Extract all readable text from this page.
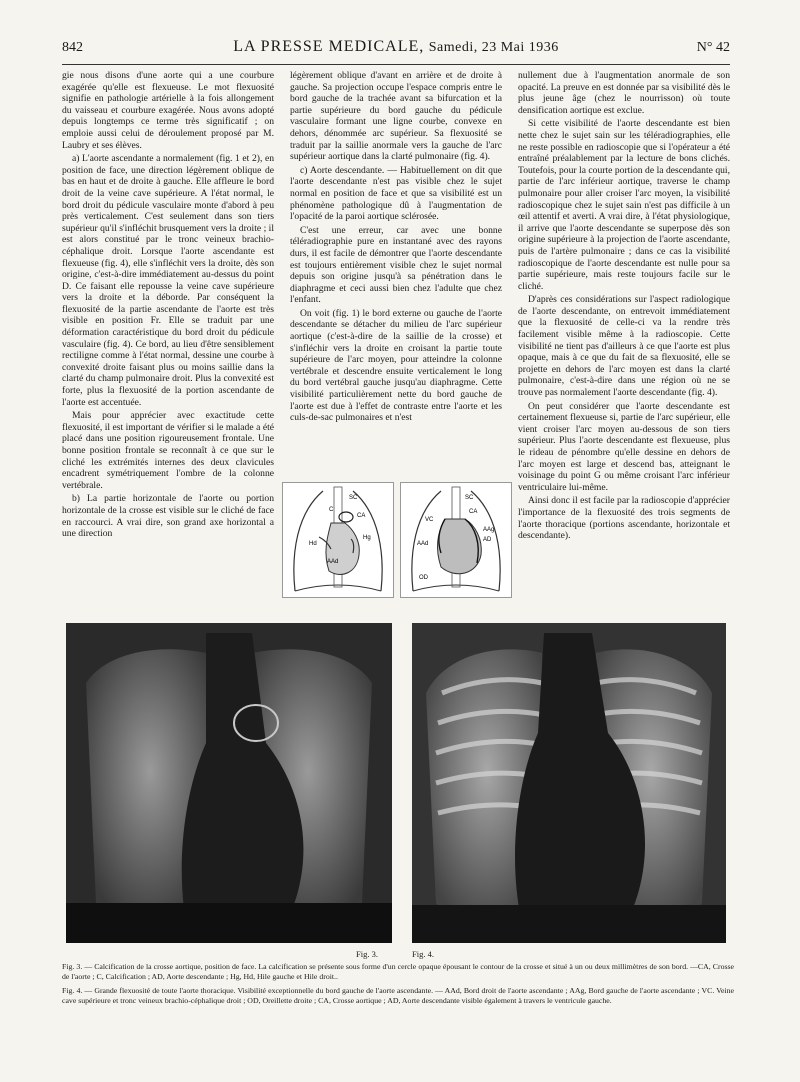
842	LA PRESSE MEDICALE, Samedi, 23 Mai 1936	N° 42

gie nous disons d'une aorte qui a une courbure exagérée qu'elle est flexueuse. Le mot flexuosité signifie en pathologie artérielle à la fois allongement du vaisseau et courbure exagérée. Nous avons adopté depuis longtemps ce terme très significatif ; on emploie aussi celui de déroulement proposé par M. Laubry et ses élèves.

a) L'aorte ascendante a normalement (fig. 1 et 2), en position de face, une direction légèrement oblique de bas en haut et de droite à gauche. Elle affleure le bord droit de la veine cave supérieure. A l'état normal, le bord droit du pédicule vasculaire monte d'abord à peu près verticalement. C'est seulement dans son tiers supérieur qu'il s'infléchit brusquement vers la droite ; il est alors constitué par le tronc veineux brachio-céphalique droit. Lorsque l'aorte ascendante est flexueuse (fig. 4), elle s'infléchit vers la droite, dès son origine, c'est-à-dire immédiatement au-dessus du point D. Ce faisant elle repousse la veine cave supérieure vers la droite et la déborde. Par conséquent la flexuosité de la partie ascendante de l'aorte est très visible en position Fr. Elle se traduit par une déformation caractéristique du bord droit du pédicule vasculaire (fig. 4). Ce bord, au lieu d'être sensiblement rectiligne comme à l'état normal, dessine une courbe à convexité droite faisant plus ou moins saillie dans la clarté du champ pulmonaire droit. Plus la convexité est forte, plus la flexuosité de la portion ascendante de l'aorte est accentuée.

Mais pour apprécier avec exactitude cette flexuosité, il est important de vérifier si le malade a été placé dans une position rigoureusement frontale. Une bonne position frontale se reconnaît à ce que sur le cliché les extrémités internes des deux clavicules encadrent symétriquement l'ombre de la colonne vertébrale.

b) La partie horizontale de l'aorte ou portion horizontale de la crosse est visible sur le cliché de face en raccourci. A vrai dire, son grand axe horizontal a une direction

légèrement oblique d'avant en arrière et de droite à gauche. Sa projection occupe l'espace compris entre le bord gauche de la trachée avant sa bifurcation et la partie supérieure du bord gauche du pédicule vasculaire formant une ligne courbe, convexe en dehors, dénommée arc supérieur. Sa flexuosité se traduit par la saillie anormale vers la gauche de l'arc supérieur aortique dans la clarté pulmonaire (fig. 4).

c) Aorte descendante. — Habituellement on dit que l'aorte descendante n'est pas visible chez le sujet normal en position de face et que sa visibilité est un phénomène pathologique dû à l'augmentation de l'opacité de la paroi aortique sclérosée.

C'est une erreur, car avec une bonne téléradiographie pure en instantané avec des rayons durs, il est facile de démontrer que l'aorte descendante est toujours entièrement visible chez le sujet normal depuis son origine jusqu'à sa pénétration dans le diaphragme et ceci aussi bien chez l'adulte que chez l'enfant.

On voit (fig. 1) le bord externe ou gauche de l'aorte descendante se détacher du milieu de l'arc supérieur aortique (c'est-à-dire de la saillie de la crosse) et s'infléchir vers la droite en croisant la partie toute supérieure de l'arc moyen, pour atteindre la colonne vertébrale et descendre ensuite verticalement le long du bord vertébral gauche jusqu'au diaphragme. Cette visibilité particulièrement nette du bord gauche de l'aorte est due à l'effet de contraste entre l'aorte et les culs-de-sac pulmonaires et n'est

nullement due à l'augmentation anormale de son opacité. La preuve en est donnée par sa visibilité dès le plus jeune âge (chez le nourrisson) où toute densification aortique est exclue.

Si cette visibilité de l'aorte descendante est bien nette chez le sujet sain sur les téléradiographies, elle ne reste possible en radioscopie que si l'opérateur a été entraîné préalablement par la lecture de bons clichés. Toutefois, pour la courte portion de la descendante qui, partie de l'arc inférieur aortique, traverse le champ pulmonaire pour aller croiser l'arc moyen, la visibilité radioscopique chez le sujet sain n'est pas difficile à un œil attentif et averti. A vrai dire, à l'état physiologique, il arrive que l'aorte descendante se superpose dès son origine supérieure à la projection de l'aorte ascendante, puis de l'artère pulmonaire ; dans ce cas la visibilité radioscopique de l'aorte descendante est nulle pour sa partie supérieure, mais reste toujours facile sur le cliché.

D'après ces considérations sur l'aspect radiologique de l'aorte descendante, on entrevoit immédiatement que la flexuosité de celle-ci va la rendre très facilement visible même à la radioscopie. Cette visibilité ne tient pas d'ailleurs à ce que l'aorte est plus opaque, mais à ce que du fait de sa flexuosité, elle se projette en dehors de l'arc moyen est dans la clarté pulmonaire, c'est-à-dire dans une région où ne se trouve pas normalement l'aorte descendante (fig. 4).

On peut considérer que l'aorte descendante est certainement flexueuse si, partie de l'arc supérieur, elle vient croiser l'arc moyen au-dessous de son tiers supérieur. Plus l'aorte descendante est flexueuse, plus le rideau de pénombre qu'elle dessine en dehors de l'arc moyen est large et descend bas, atteignant le voisinage du point G ou même croisant l'arc inférieur ventriculaire lui-même.

Ainsi donc il est facile par la radioscopie d'apprécier l'importance de la flexuosité des trois segments de l'aorte thoracique (portions ascendante, horizontale et descendante).

SC
C
CA
Hg
Hd
AAd
SC
CA
VC
AAg
AD
AAd
OD
Fig. 3.	Fig. 4.
Fig. 3. — Calcification de la crosse aortique, position de face. La calcification se présente sous forme d'un cercle opaque épousant le contour de la crosse et situé à un ou deux millimètres de son bord. —CA, Crosse de l'aorte ; C, Calcification ; AD, Aorte descendante ; Hg, Hd, Hile gauche et Hile droit..
Fig. 4. — Grande flexuosité de toute l'aorte thoracique. Visibilité exceptionnelle du bord gauche de l'aorte ascendante. — AAd, Bord droit de l'aorte ascendante ; AAg, Bord gauche de l'aorte ascendante ; VC. Veine cave supérieure et tronc veineux brachio-céphalique droit ; OD, Oreillette droite ; CA, Crosse aortique ; AD, Aorte descendante visible également à travers le ventricule gauche.
